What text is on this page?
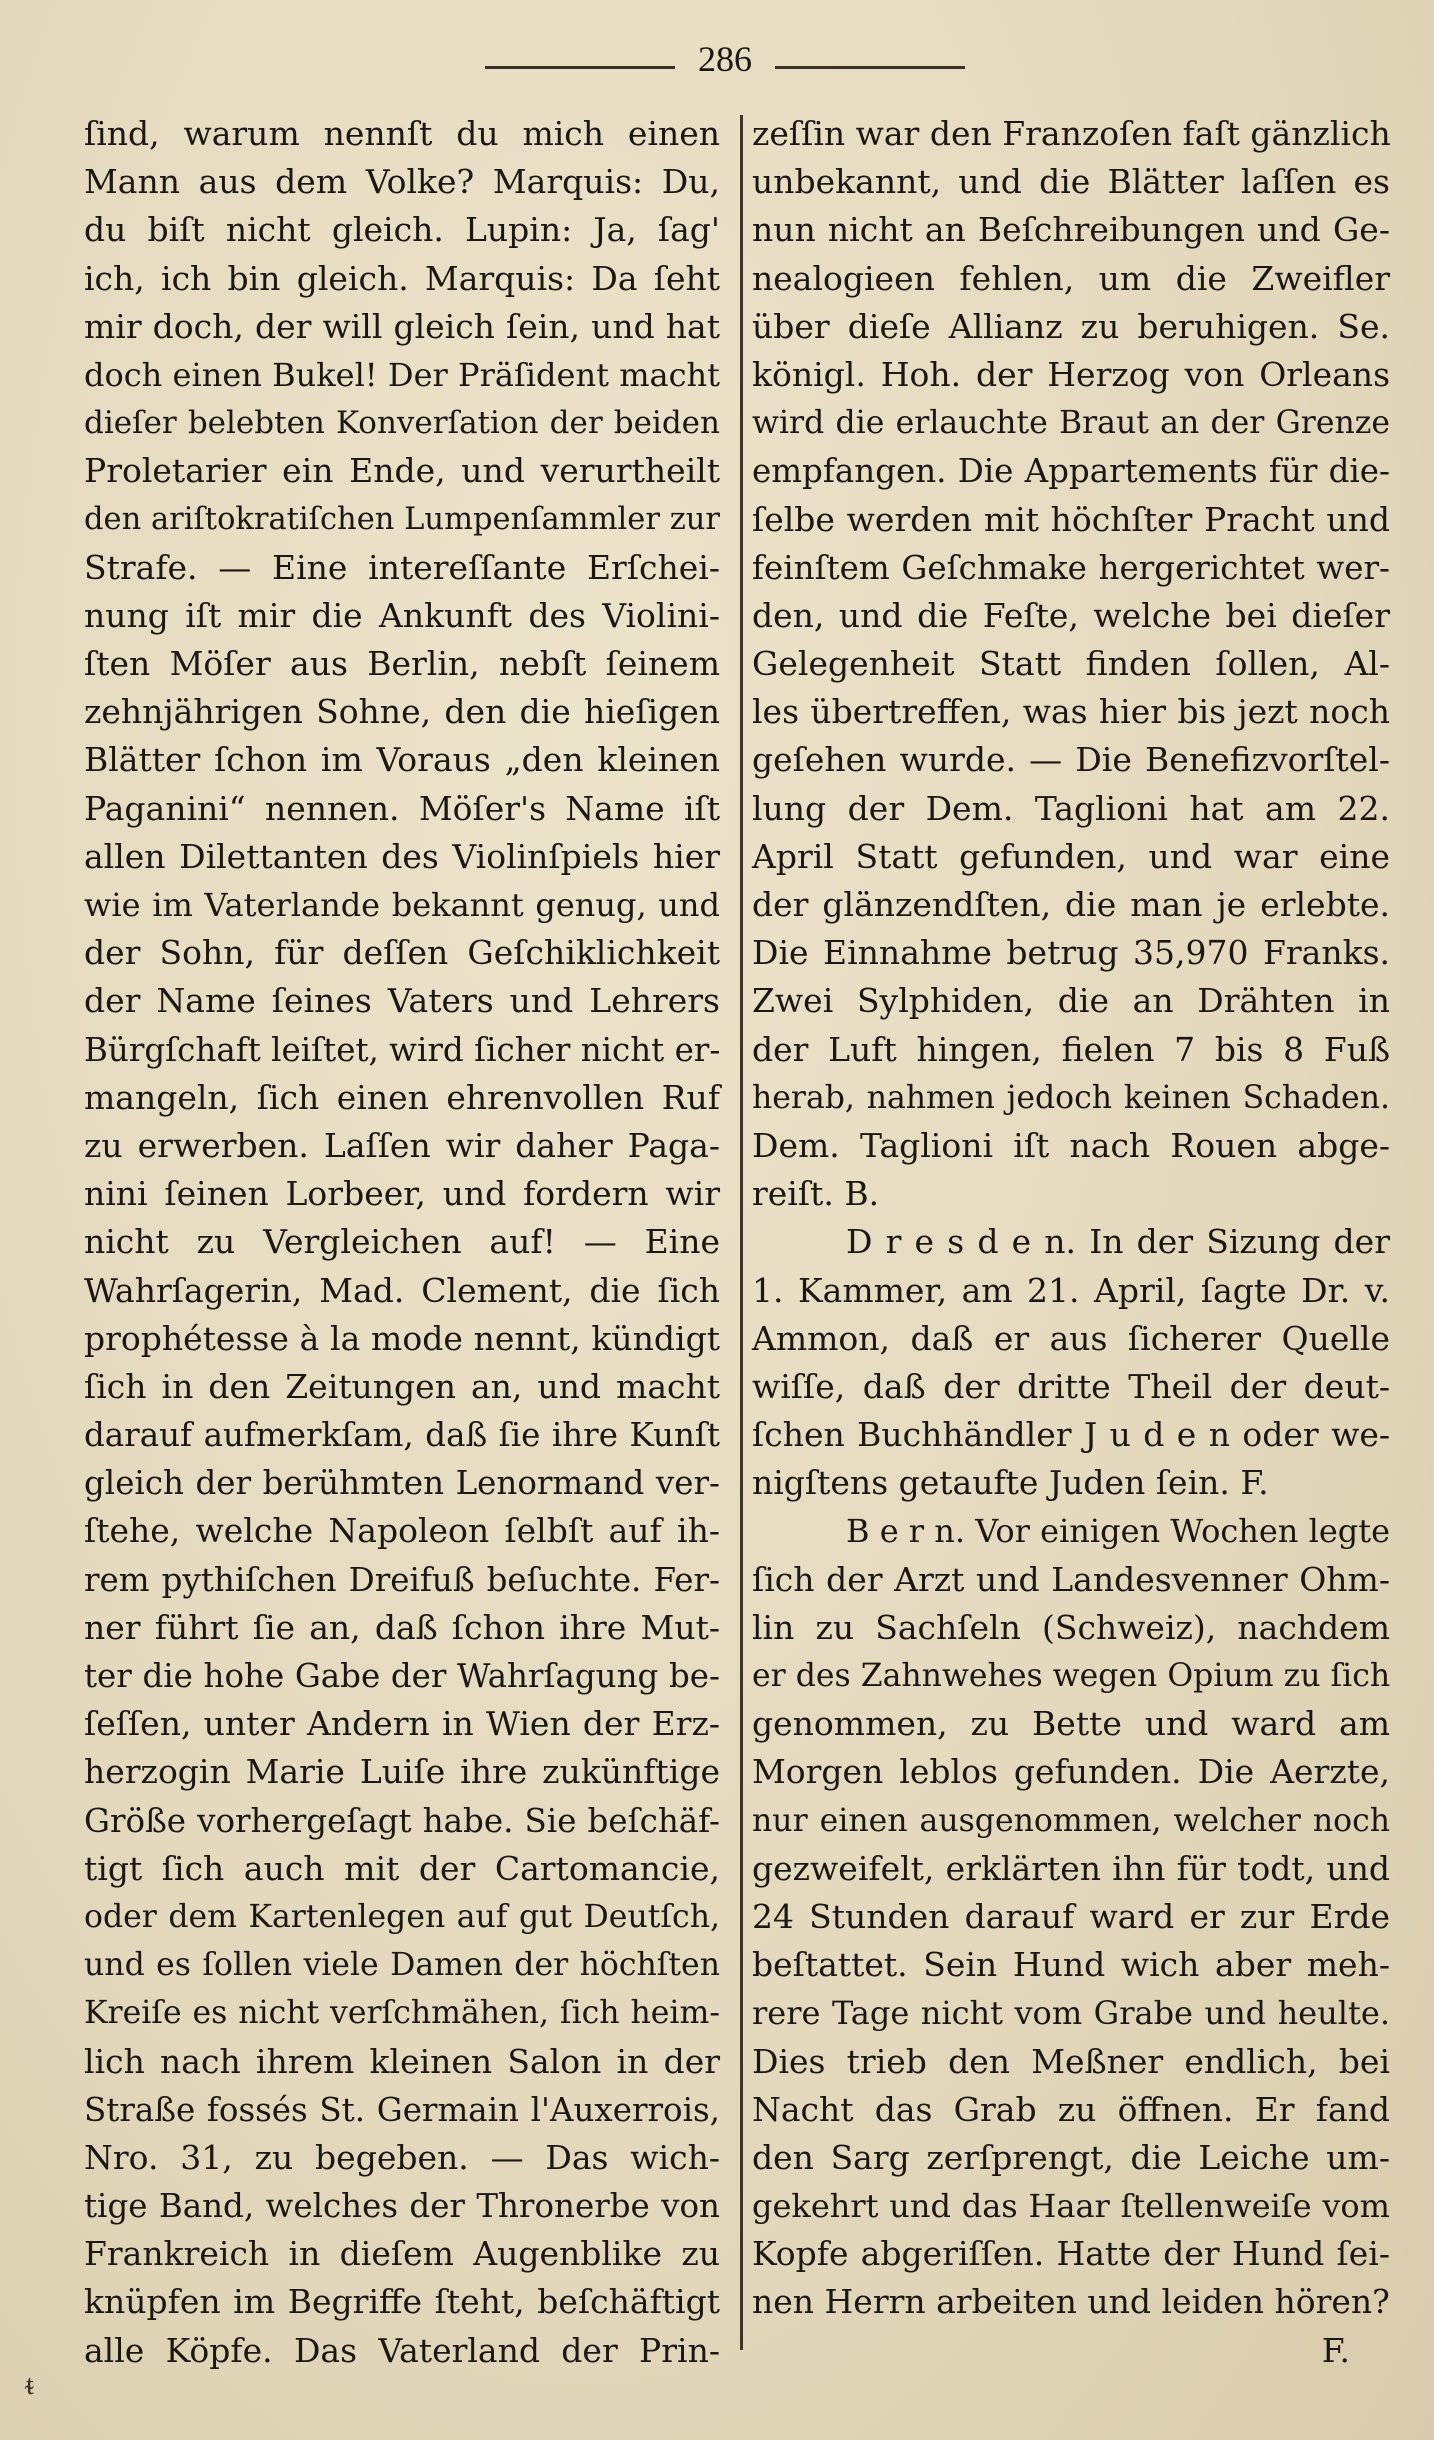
286
ſind, warum nennſt du mich einen
Mann aus dem Volke? Marquis: Du,
du biſt nicht gleich. Lupin: Ja, ſag'
ich, ich bin gleich. Marquis: Da ſeht
mir doch, der will gleich ſein, und hat
doch einen Bukel! Der Präſident macht
dieſer belebten Konverſation der beiden
Proletarier ein Ende, und verurtheilt
den ariſtokratiſchen Lumpenſammler zur
Strafe. — Eine intereſſante Erſchei-
nung iſt mir die Ankunft des Violini-
ſten Möſer aus Berlin, nebſt ſeinem
zehnjährigen Sohne, den die hieſigen
Blätter ſchon im Voraus „den kleinen
Paganini“ nennen. Möſer's Name iſt
allen Dilettanten des Violinſpiels hier
wie im Vaterlande bekannt genug, und
der Sohn, für deſſen Geſchiklichkeit
der Name ſeines Vaters und Lehrers
Bürgſchaft leiſtet, wird ſicher nicht er-
mangeln, ſich einen ehrenvollen Ruf
zu erwerben. Laſſen wir daher Paga-
nini ſeinen Lorbeer, und fordern wir
nicht zu Vergleichen auf! — Eine
Wahrſagerin, Mad. Clement, die ſich
prophétesse à la mode nennt, kündigt
ſich in den Zeitungen an, und macht
darauf aufmerkſam, daß ſie ihre Kunſt
gleich der berühmten Lenormand ver-
ſtehe, welche Napoleon ſelbſt auf ih-
rem pythiſchen Dreifuß beſuchte. Fer-
ner führt ſie an, daß ſchon ihre Mut-
ter die hohe Gabe der Wahrſagung be-
ſeſſen, unter Andern in Wien der Erz-
herzogin Marie Luiſe ihre zukünftige
Größe vorhergeſagt habe. Sie beſchäf-
tigt ſich auch mit der Cartomancie,
oder dem Kartenlegen auf gut Deutſch,
und es ſollen viele Damen der höchſten
Kreiſe es nicht verſchmähen, ſich heim-
lich nach ihrem kleinen Salon in der
Straße fossés St. Germain l'Auxerrois,
Nro. 31, zu begeben. — Das wich-
tige Band, welches der Thronerbe von
Frankreich in dieſem Augenblike zu
knüpfen im Begriffe ſteht, beſchäftigt
alle Köpfe. Das Vaterland der Prin-
zeſſin war den Franzoſen faſt gänzlich
unbekannt, und die Blätter laſſen es
nun nicht an Beſchreibungen und Ge-
nealogieen fehlen, um die Zweifler
über dieſe Allianz zu beruhigen. Se.
königl. Hoh. der Herzog von Orleans
wird die erlauchte Braut an der Grenze
empfangen. Die Appartements für die-
ſelbe werden mit höchſter Pracht und
feinſtem Geſchmake hergerichtet wer-
den, und die Feſte, welche bei dieſer
Gelegenheit Statt finden ſollen, Al-
les übertreffen, was hier bis jezt noch
geſehen wurde. — Die Benefizvorſtel-
lung der Dem. Taglioni hat am 22.
April Statt gefunden, und war eine
der glänzendſten, die man je erlebte.
Die Einnahme betrug 35,970 Franks.
Zwei Sylphiden, die an Drähten in
der Luft hingen, fielen 7 bis 8 Fuß
herab, nahmen jedoch keinen Schaden.
Dem. Taglioni iſt nach Rouen abge-
reiſt. B.
D r e s d e n. In der Sizung der
1. Kammer, am 21. April, ſagte Dr. v.
Ammon, daß er aus ſicherer Quelle
wiſſe, daß der dritte Theil der deut-
ſchen Buchhändler J u d e n oder we-
nigſtens getaufte Juden ſein. F.
B e r n. Vor einigen Wochen legte
ſich der Arzt und Landesvenner Ohm-
lin zu Sachſeln (Schweiz), nachdem
er des Zahnwehes wegen Opium zu ſich
genommen, zu Bette und ward am
Morgen leblos gefunden. Die Aerzte,
nur einen ausgenommen, welcher noch
gezweifelt, erklärten ihn für todt, und
24 Stunden darauf ward er zur Erde
beſtattet. Sein Hund wich aber meh-
rere Tage nicht vom Grabe und heulte.
Dies trieb den Meßner endlich, bei
Nacht das Grab zu öffnen. Er fand
den Sarg zerſprengt, die Leiche um-
gekehrt und das Haar ſtellenweiſe vom
Kopfe abgeriſſen. Hatte der Hund ſei-
nen Herrn arbeiten und leiden hören?
F.
ᵵ
